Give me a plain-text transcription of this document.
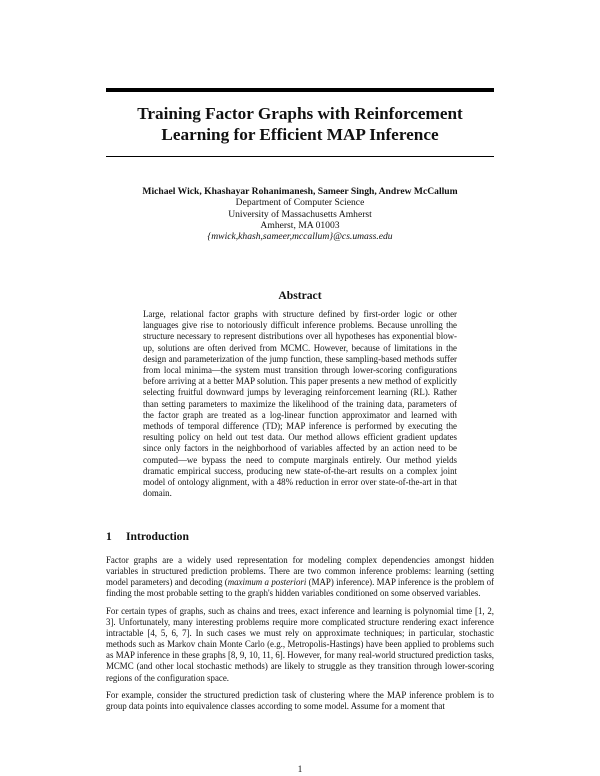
Training Factor Graphs with Reinforcement
Learning for Efficient MAP Inference
Michael Wick, Khashayar Rohanimanesh, Sameer Singh, Andrew McCallum
Department of Computer Science
University of Massachusetts Amherst
Amherst, MA 01003
{mwick,khash,sameer,mccallum}@cs.umass.edu
Abstract
Large, relational factor graphs with structure defined by first-order logic or other languages give rise to notoriously difficult inference problems. Because unrolling the structure necessary to represent distributions over all hypotheses has exponential blow-up, solutions are often derived from MCMC. However, because of limitations in the design and parameterization of the jump function, these sampling-based methods suffer from local minima—the system must transition through lower-scoring configurations before arriving at a better MAP solution. This paper presents a new method of explicitly selecting fruitful downward jumps by leveraging reinforcement learning (RL). Rather than setting parameters to maximize the likelihood of the training data, parameters of the factor graph are treated as a log-linear function approximator and learned with methods of temporal difference (TD); MAP inference is performed by executing the resulting policy on held out test data. Our method allows efficient gradient updates since only factors in the neighborhood of variables affected by an action need to be computed—we bypass the need to compute marginals entirely. Our method yields dramatic empirical success, producing new state-of-the-art results on a complex joint model of ontology alignment, with a 48% reduction in error over state-of-the-art in that domain.
1 Introduction

Factor graphs are a widely used representation for modeling complex dependencies amongst hidden variables in structured prediction problems. There are two common inference problems: learning (setting model parameters) and decoding (maximum a posteriori (MAP) inference). MAP inference is the problem of finding the most probable setting to the graph's hidden variables conditioned on some observed variables.

For certain types of graphs, such as chains and trees, exact inference and learning is polynomial time [1, 2, 3]. Unfortunately, many interesting problems require more complicated structure rendering exact inference intractable [4, 5, 6, 7]. In such cases we must rely on approximate techniques; in particular, stochastic methods such as Markov chain Monte Carlo (e.g., Metropolis-Hastings) have been applied to problems such as MAP inference in these graphs [8, 9, 10, 11, 6]. However, for many real-world structured prediction tasks, MCMC (and other local stochastic methods) are likely to struggle as they transition through lower-scoring regions of the configuration space.

For example, consider the structured prediction task of clustering where the MAP inference problem is to group data points into equivalence classes according to some model. Assume for a moment that

1
